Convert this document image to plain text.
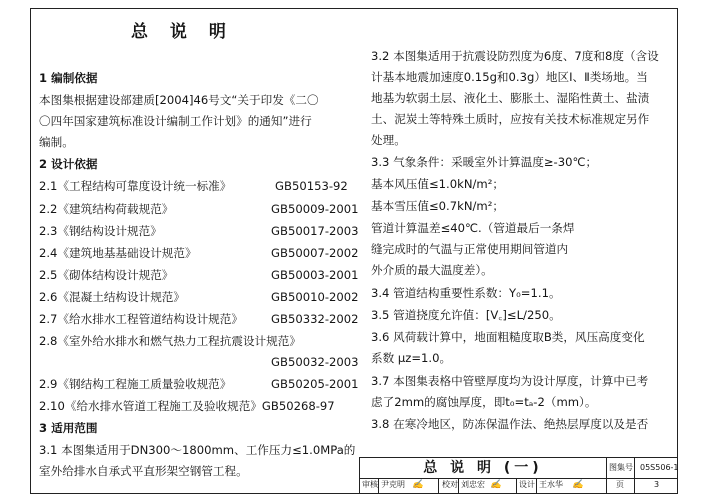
总 说 明
1 编制依据
本图集根据建设部建质[2004]46号文“关于印发《二〇
〇四年国家建筑标准设计编制工作计划》的通知”进行
编制。
2 设计依据
2.1《工程结构可靠度设计统一标准》	GB50153-92
2.2《建筑结构荷载规范》	GB50009-2001
2.3《钢结构设计规范》	GB50017-2003
2.4《建筑地基基础设计规范》	GB50007-2002
2.5《砌体结构设计规范》	GB50003-2001
2.6《混凝土结构设计规范》	GB50010-2002
2.7《给水排水工程管道结构设计规范》 GB50332-2002
2.8《室外给水排水和燃气热力工程抗震设计规范》
GB50032-2003
2.9《钢结构工程施工质量验收规范》	GB50205-2001
2.10《给水排水管道工程施工及验收规范》GB50268-97
3 适用范围
3.1 本图集适用于DN300～1800mm、工作压力≤1.0MPa的
室外给排水自承式平直形架空钢管工程。
3.2 本图集适用于抗震设防烈度为6度、7度和8度（含设
计基本地震加速度0.15g和0.3g）地区Ⅰ、Ⅱ类场地。当
地基为软弱土层、液化土、膨胀土、湿陷性黄土、盐渍
土、泥炭土等特殊土质时，应按有关技术标准规定另作
处理。
3.3 气象条件：采暖室外计算温度≥-30℃；
基本风压值≤1.0kN/m²；
基本雪压值≤0.7kN/m²；
管道计算温差≤40℃.（管道最后一条焊
缝完成时的气温与正常使用期间管道内
外介质的最大温度差）。
3.4 管道结构重要性系数：Y₀=1.1。
3.5 管道挠度允许值：[V꜀]≤L/250。
3.6 风荷载计算中，地面粗糙度取B类，风压高度变化
系数 μz=1.0。
3.7 本图集表格中管壁厚度均为设计厚度，计算中已考
虑了2mm的腐蚀厚度，即t₀=tₐ-2（mm）。
3.8 在寒冷地区，防冻保温作法、绝热层厚度以及是否
总 说 明 (一)	图集号 05S506-1
页	3
审核 尹克明 ✍ 校对 刘忠宏 ✍ 设计 王水华 ✍
